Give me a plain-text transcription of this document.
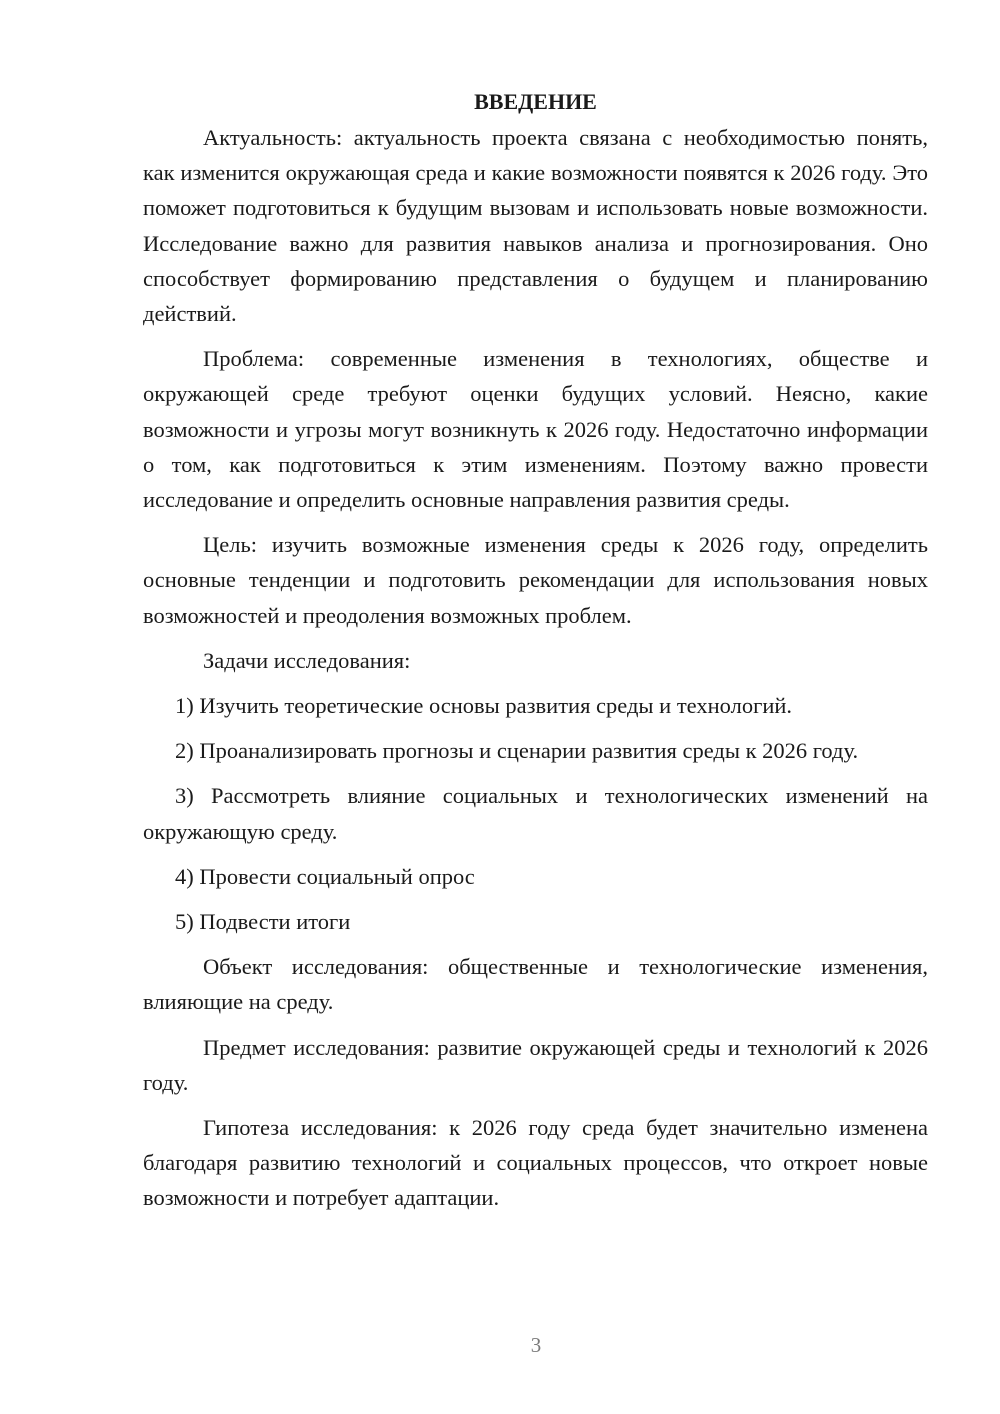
ВВЕДЕНИЕ

Актуальность: актуальность проекта связана с необходимостью понять, как изменится окружающая среда и какие возможности появятся к 2026 году. Это поможет подготовиться к будущим вызовам и использовать новые возможности. Исследование важно для развития навыков анализа и прогнозирования. Оно способствует формированию представления о будущем и планированию действий.

Проблема: современные изменения в технологиях, обществе и окружающей среде требуют оценки будущих условий. Неясно, какие возможности и угрозы могут возникнуть к 2026 году. Недостаточно информации о том, как подготовиться к этим изменениям. Поэтому важно провести исследование и определить основные направления развития среды.

Цель: изучить возможные изменения среды к 2026 году, определить основные тенденции и подготовить рекомендации для использования новых возможностей и преодоления возможных проблем.

Задачи исследования:

1) Изучить теоретические основы развития среды и технологий.

2) Проанализировать прогнозы и сценарии развития среды к 2026 году.

3) Рассмотреть влияние социальных и технологических изменений на окружающую среду.

4) Провести социальный опрос

5) Подвести итоги

Объект исследования: общественные и технологические изменения, влияющие на среду.

Предмет исследования: развитие окружающей среды и технологий к 2026 году.

Гипотеза исследования: к 2026 году среда будет значительно изменена благодаря развитию технологий и социальных процессов, что откроет новые возможности и потребует адаптации.

3
